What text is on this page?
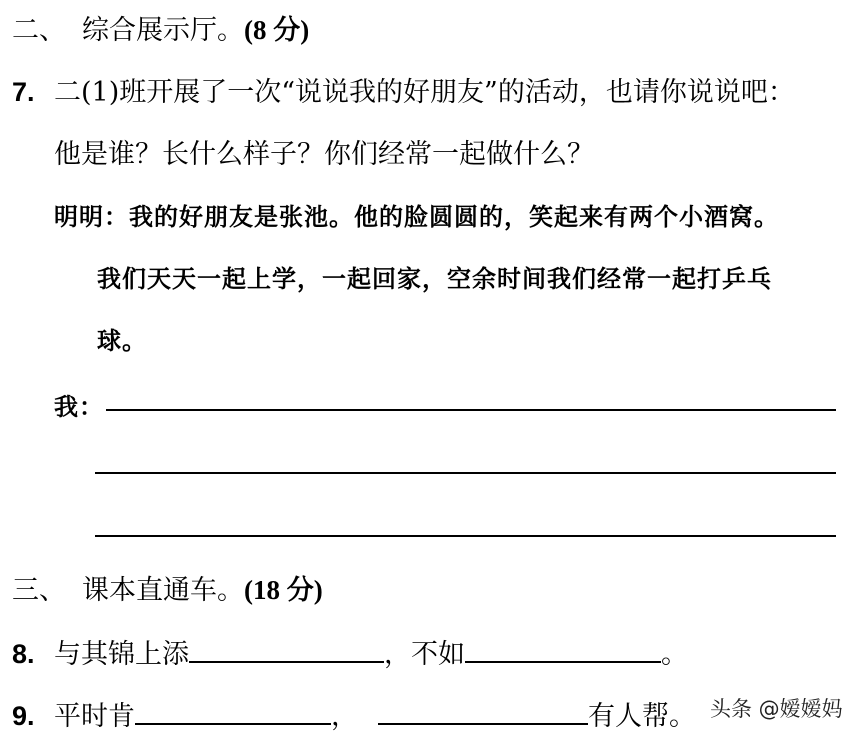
二、 综合展示厅。(8 分)
7. 二(1)班开展了一次“说说我的好朋友”的活动，也请你说说吧：
他是谁？长什么样子？你们经常一起做什么？
明明：我的好朋友是张池。他的脸圆圆的，笑起来有两个小酒窝。
我们天天一起上学，一起回家，空余时间我们经常一起打乒乓
球。
我：
三、 课本直通车。(18 分)
8. 与其锦上添	，不如	。
9. 平时肯	，	有人帮。 头条 @嫒嫒妈
